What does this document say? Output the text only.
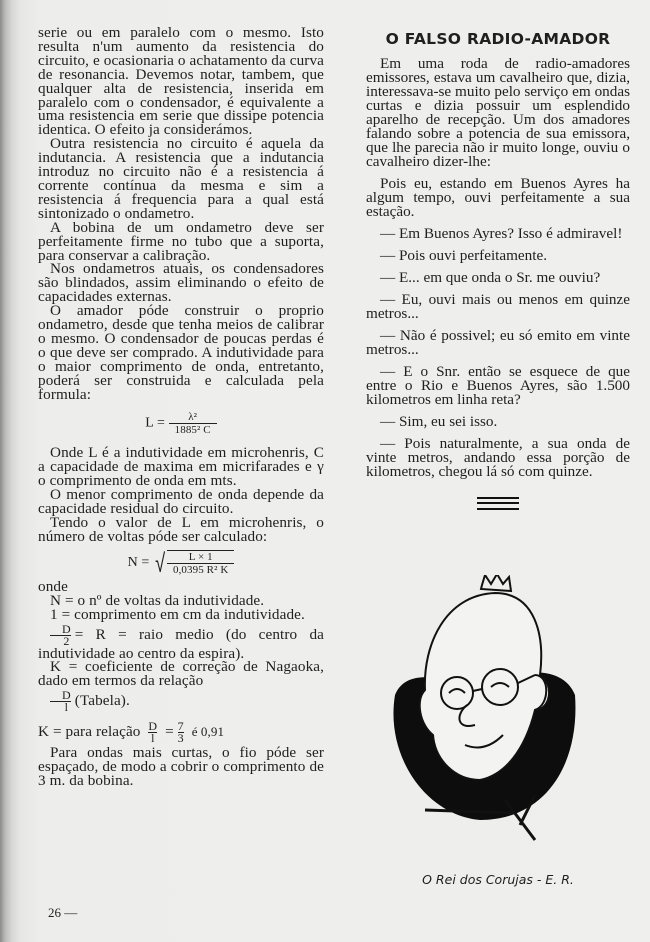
serie ou em paralelo com o mesmo. Isto resulta n'um aumento da resistencia do circuito, e ocasionaria o achatamento da curva de resonancia. Devemos notar, tambem, que qualquer alta de resistencia, inserida em paralelo com o condensador, é equivalente a uma resistencia em serie que dissipe potencia identica. O efeito ja considerámos.

Outra resistencia no circuito é aquela da indutancia. A resistencia que a indutancia introduz no circuito não é a resistencia á corrente contínua da mesma e sim a resistencia á frequencia para a qual está sintonizado o ondametro.

A bobina de um ondametro deve ser perfeitamente firme no tubo que a suporta, para conservar a calibração.

Nos ondametros atuais, os condensadores são blindados, assim eliminando o efeito de capacidades externas.

O amador póde construir o proprio ondametro, desde que tenha meios de calibrar o mesmo. O condensador de poucas perdas é o que deve ser comprado. A indutividade para o maior comprimento de onda, entretanto, poderá ser construida e calculada pela formula:

$L = \frac{\text{λ²}}{\text{1885² C}}$

Onde L é a indutividade em microhenris, C a capacidade de maxima em micrifarades e γ o comprimento de onda em mts.

O menor comprimento de onda depende da capacidade residual do circuito.

Tendo o valor de L em microhenris, o número de voltas póde ser calculado:

N = √ $\frac{L \times 1}{\text{0,0395 R² K}}$

onde

N = o nº de voltas da indutividade.

1 = comprimento em cm da indutividade.

$\frac{D}{2} = R$ = raio medio (do centro da indutividade ao centro da espira).

K = coeficiente de correção de Nagaoka, dado em termos da relação

$\frac{D}{l}$ (Tabela).

K = para relação $\frac{D}{l} = \frac{7}{3}$ é 0,91

Para ondas mais curtas, o fio póde ser espaçado, de modo a cobrir o comprimento de 3 m. da bobina.

26 —
O FALSO RADIO-AMADOR

Em uma roda de radio-amadores emissores, estava um cavalheiro que, dizia, interessava-se muito pelo serviço em ondas curtas e dizia possuir um esplendido aparelho de recepção. Um dos amadores falando sobre a potencia de sua emissora, que lhe parecia não ir muito longe, ouviu o cavalheiro dizer-lhe:

Pois eu, estando em Buenos Ayres ha algum tempo, ouvi perfeitamente a sua estação.

— Em Buenos Ayres? Isso é admiravel!

— Pois ouvi perfeitamente.

— E... em que onda o Sr. me ouviu?

— Eu, ouvi mais ou menos em quinze metros...

— Não é possivel; eu só emito em vinte metros...

— E o Snr. então se esquece de que entre o Rio e Buenos Ayres, são 1.500 kilometros em linha reta?

— Sim, eu sei isso.

— Pois naturalmente, a sua onda de vinte metros, andando essa porção de kilometros, chegou lá só com quinze.

O Rei dos Corujas - E. R.
